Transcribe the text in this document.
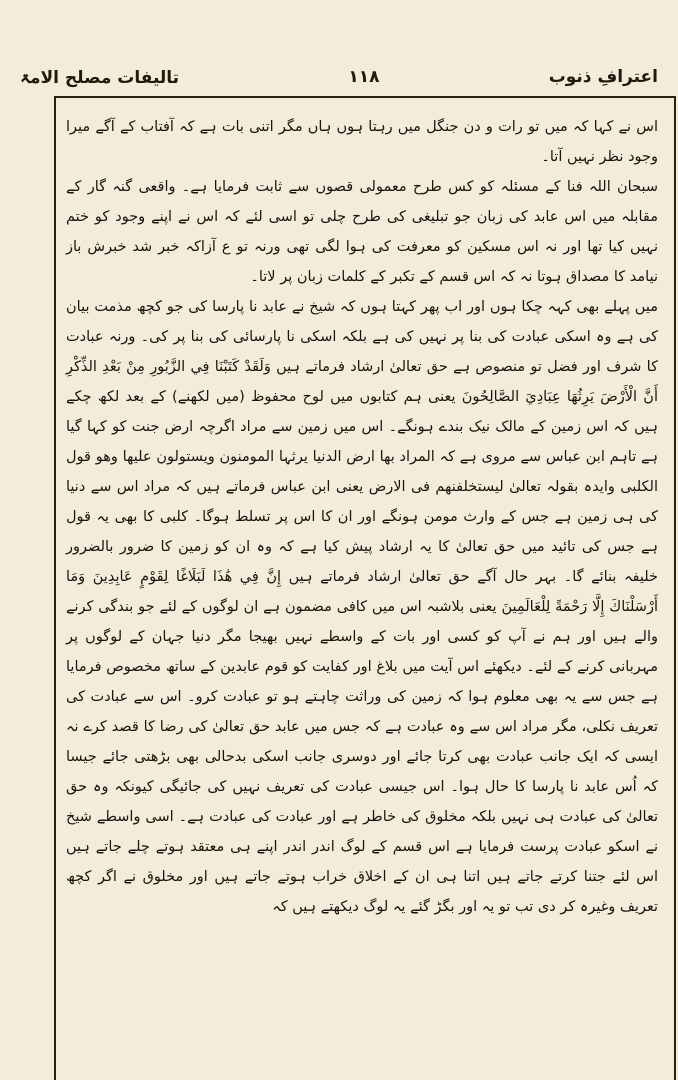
تالیفات مصلح الامۃ	۱۱۸	اعترافِ ذنوب

اس نے کہا کہ میں تو رات و دن جنگل میں رہتا ہوں ہاں مگر اتنی بات ہے کہ آفتاب کے آگے میرا وجود نظر نہیں آتا۔

سبحان اللہ فنا کے مسئلہ کو کس طرح معمولی قصوں سے ثابت فرمایا ہے۔ واقعی گنہ گار کے مقابلہ میں اس عابد کی زبان جو تبلیغی کی طرح چلی تو اسی لئے کہ اس نے اپنے وجود کو ختم نہیں کیا تھا اور نہ اس مسکین کو معرفت کی ہوا لگی تھی ورنہ تو ع آزاکہ خبر شد خبرش باز نیامد کا مصداق ہوتا نہ کہ اس قسم کے تکبر کے کلمات زبان پر لاتا۔

میں پہلے بھی کہہ چکا ہوں اور اب پھر کہتا ہوں کہ شیخ نے عابد نا پارسا کی جو کچھ مذمت بیان کی ہے وہ اسکی عبادت کی بنا پر نہیں کی ہے بلکہ اسکی نا پارسائی کی بنا پر کی۔ ورنہ عبادت کا شرف اور فضل تو منصوص ہے حق تعالیٰ ارشاد فرماتے ہیں وَلَقَدْ كَتَبْنَا فِي الزَّبُورِ مِنْ بَعْدِ الذِّكْرِ أَنَّ الْأَرْضَ يَرِثُهَا عِبَادِيَ الصَّالِحُونَ یعنی ہم کتابوں میں لوح محفوظ (میں لکھنے) کے بعد لکھ چکے ہیں کہ اس زمین کے مالک نیک بندے ہونگے۔ اس میں زمین سے مراد اگرچہ ارض جنت کو کہا گیا ہے تاہم ابن عباس سے مروی ہے کہ المراد بھا ارض الدنیا یرثہا المومنون ویستولون علیھا وھو قول الکلبی وایدہ بقولہ تعالیٰ لیستخلفنھم فی الارض یعنی ابن عباس فرماتے ہیں کہ مراد اس سے دنیا کی ہی زمین ہے جس کے وارث مومن ہونگے اور ان کا اس پر تسلط ہوگا۔ کلبی کا بھی یہ قول ہے جس کی تائید میں حق تعالیٰ کا یہ ارشاد پیش کیا ہے کہ وہ ان کو زمین کا ضرور بالضرور خلیفہ بنائے گا۔ بہر حال آگے حق تعالیٰ ارشاد فرماتے ہیں إِنَّ فِي هَٰذَا لَبَلَاغًا لِقَوْمٍ عَابِدِينَ وَمَا أَرْسَلْنَاكَ إِلَّا رَحْمَةً لِلْعَالَمِينَ یعنی بلاشبہ اس میں کافی مضمون ہے ان لوگوں کے لئے جو بندگی کرنے والے ہیں اور ہم نے آپ کو کسی اور بات کے واسطے نہیں بھیجا مگر دنیا جہان کے لوگوں پر مہربانی کرنے کے لئے۔ دیکھئے اس آیت میں بلاغ اور کفایت کو قوم عابدین کے ساتھ مخصوص فرمایا ہے جس سے یہ بھی معلوم ہوا کہ زمین کی وراثت چاہتے ہو تو عبادت کرو۔ اس سے عبادت کی تعریف نکلی، مگر مراد اس سے وہ عبادت ہے کہ جس میں عابد حق تعالیٰ کی رضا کا قصد کرے نہ ایسی کہ ایک جانب عبادت بھی کرتا جائے اور دوسری جانب اسکی بدحالی بھی بڑھتی جائے جیسا کہ اُس عابد نا پارسا کا حال ہوا۔ اس جیسی عبادت کی تعریف نہیں کی جائیگی کیونکہ وہ حق تعالیٰ کی عبادت ہی نہیں بلکہ مخلوق کی خاطر ہے اور عبادت کی عبادت ہے۔ اسی واسطے شیخ نے اسکو عبادت پرست فرمایا ہے اس قسم کے لوگ اندر اندر اپنے ہی معتقد ہوتے چلے جاتے ہیں اس لئے جتنا کرتے جاتے ہیں اتنا ہی ان کے اخلاق خراب ہوتے جاتے ہیں اور مخلوق نے اگر کچھ تعریف وغیرہ کر دی تب تو یہ اور بگڑ گئے یہ لوگ دیکھتے ہیں کہ
